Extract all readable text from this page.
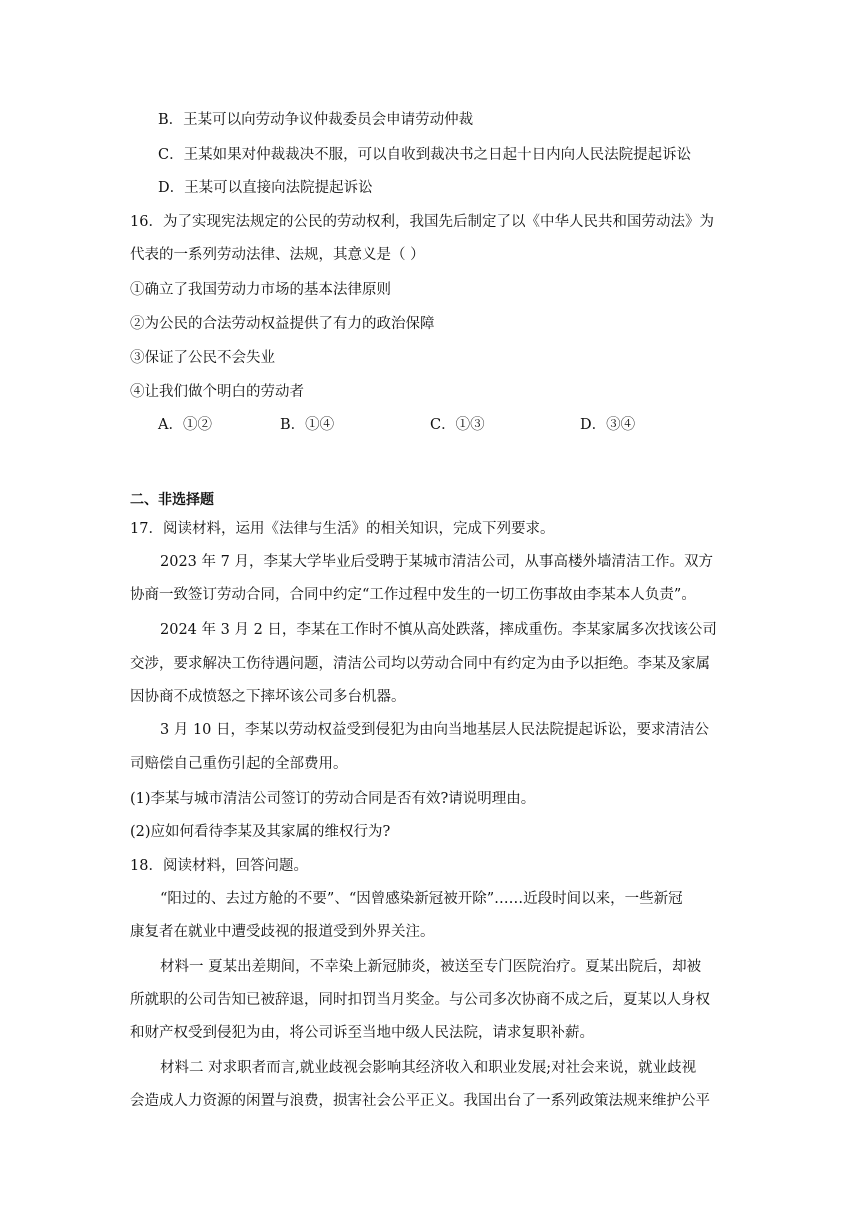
B．王某可以向劳动争议仲裁委员会申请劳动仲裁
C．王某如果对仲裁裁决不服，可以自收到裁决书之日起十日内向人民法院提起诉讼
D．王某可以直接向法院提起诉讼
16．为了实现宪法规定的公民的劳动权利，我国先后制定了以《中华人民共和国劳动法》为
代表的一系列劳动法律、法规，其意义是（ ）
①确立了我国劳动力市场的基本法律原则
②为公民的合法劳动权益提供了有力的政治保障
③保证了公民不会失业
④让我们做个明白的劳动者
A．①②	B．①④	C．①③	D．③④
二、非选择题
17．阅读材料，运用《法律与生活》的相关知识，完成下列要求。
2023 年 7 月，李某大学毕业后受聘于某城市清洁公司，从事高楼外墙清洁工作。双方
协商一致签订劳动合同，合同中约定“工作过程中发生的一切工伤事故由李某本人负责”。
2024 年 3 月 2 日，李某在工作时不慎从高处跌落，摔成重伤。李某家属多次找该公司
交涉，要求解决工伤待遇问题，清洁公司均以劳动合同中有约定为由予以拒绝。李某及家属
因协商不成愤怒之下摔坏该公司多台机器。
3 月 10 日，李某以劳动权益受到侵犯为由向当地基层人民法院提起诉讼，要求清洁公
司赔偿自己重伤引起的全部费用。
(1)李某与城市清洁公司签订的劳动合同是否有效?请说明理由。
(2)应如何看待李某及其家属的维权行为?
18．阅读材料，回答问题。
“阳过的、去过方舱的不要”、“因曾感染新冠被开除”……近段时间以来，一些新冠
康复者在就业中遭受歧视的报道受到外界关注。
材料一 夏某出差期间，不幸染上新冠肺炎，被送至专门医院治疗。夏某出院后，却被
所就职的公司告知已被辞退，同时扣罚当月奖金。与公司多次协商不成之后，夏某以人身权
和财产权受到侵犯为由，将公司诉至当地中级人民法院，请求复职补薪。
材料二 对求职者而言,就业歧视会影响其经济收入和职业发展;对社会来说，就业歧视
会造成人力资源的闲置与浪费，损害社会公平正义。我国出台了一系列政策法规来维护公平
